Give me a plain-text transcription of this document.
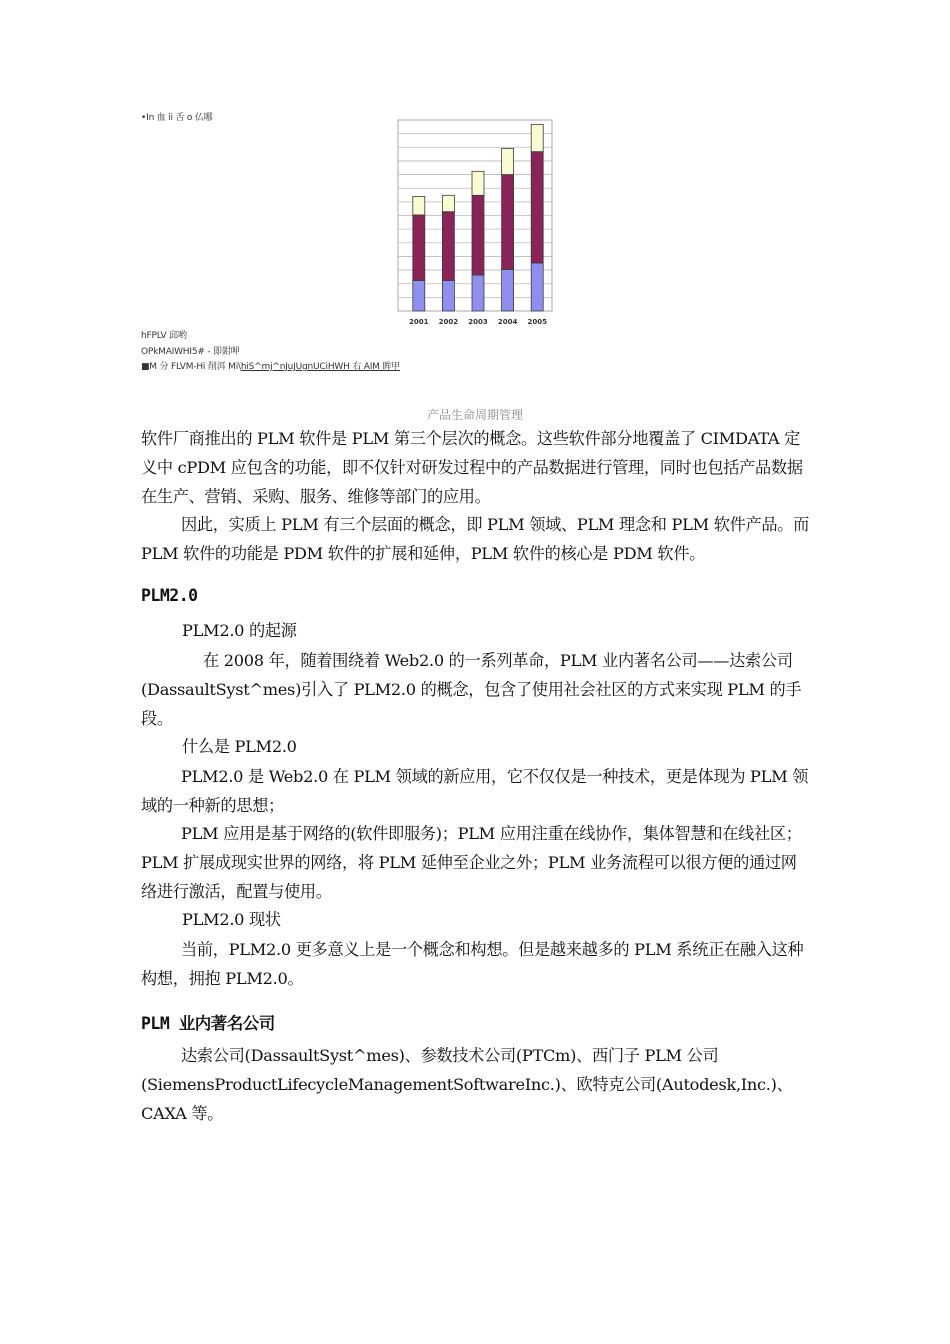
•In 血 ii 舌 o 仏哪
2001 2002 2003 2004 2005
hFPLV 邱哟
OPkMAIWHI5# - 即鉗呷
■M 分 FLVM-Hi 削洱 Mi\hiS^mj^nJuJUgnUCiHWH 右 AIM 眸甲
产品生命周期管理

软件厂商推出的 PLM 软件是 PLM 第三个层次的概念。这些软件部分地覆盖了 CIMDATA 定义中 cPDM 应包含的功能，即不仅针对研发过程中的产品数据进行管理，同时也包括产品数据在生产、营销、采购、服务、维修等部门的应用。

因此，实质上 PLM 有三个层面的概念，即 PLM 领域、PLM 理念和 PLM 软件产品。而 PLM 软件的功能是 PDM 软件的扩展和延伸，PLM 软件的核心是 PDM 软件。

PLM2.0

PLM2.0 的起源

在 2008 年，随着围绕着 Web2.0 的一系列革命，PLM 业内著名公司——达索公司(DassaultSyst^mes)引入了 PLM2.0 的概念，包含了使用社会社区的方式来实现 PLM 的手段。

什么是 PLM2.0

PLM2.0 是 Web2.0 在 PLM 领域的新应用，它不仅仅是一种技术，更是体现为 PLM 领域的一种新的思想；

PLM 应用是基于网络的(软件即服务)；PLM 应用注重在线协作，集体智慧和在线社区；PLM 扩展成现实世界的网络，将 PLM 延伸至企业之外；PLM 业务流程可以很方便的通过网络进行激活，配置与使用。

PLM2.0 现状

当前，PLM2.0 更多意义上是一个概念和构想。但是越来越多的 PLM 系统正在融入这种构想，拥抱 PLM2.0。

PLM 业内著名公司

达索公司(DassaultSyst^mes)、参数技术公司(PTCm)、西门子 PLM 公司(SiemensProductLifecycleManagementSoftwareInc.)、欧特克公司(Autodesk,Inc.)、CAXA 等。
